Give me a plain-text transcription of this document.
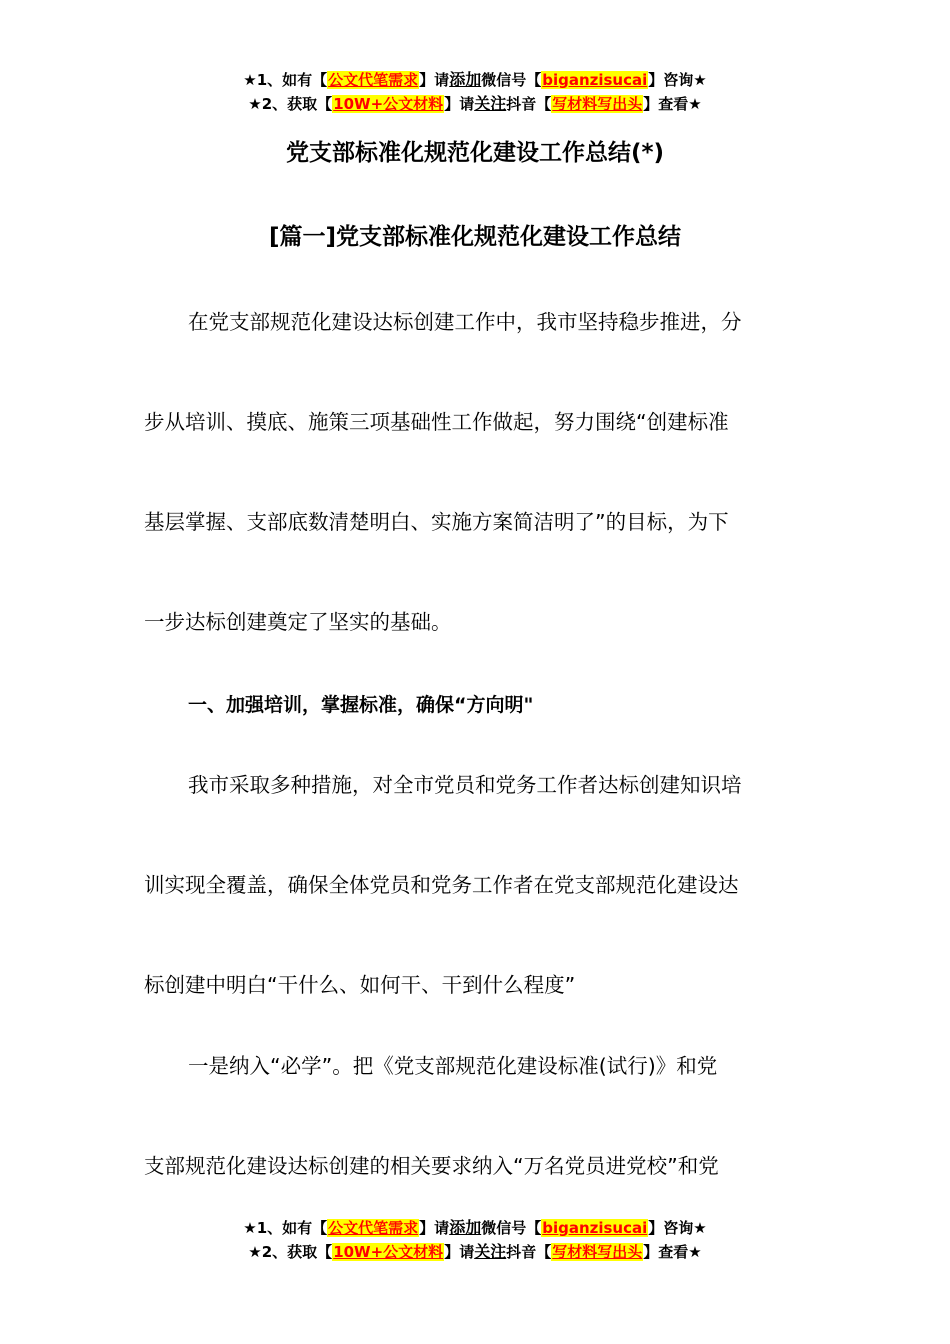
★1、如有【公文代笔需求】请添加微信号【biganzisucai】咨询★
★2、获取【10W+公文材料】请关注抖音【写材料写出头】查看★
党支部标准化规范化建设工作总结(*)
[篇一]党支部标准化规范化建设工作总结
在党支部规范化建设达标创建工作中，我市坚持稳步推进，分
步从培训、摸底、施策三项基础性工作做起，努力围绕“创建标准
基层掌握、支部底数清楚明白、实施方案简洁明了”的目标，为下
一步达标创建奠定了坚实的基础。
一、加强培训，掌握标准，确保“方向明"
我市采取多种措施，对全市党员和党务工作者达标创建知识培
训实现全覆盖，确保全体党员和党务工作者在党支部规范化建设达
标创建中明白“干什么、如何干、干到什么程度”
一是纳入“必学”。把《党支部规范化建设标准(试行)》和党
支部规范化建设达标创建的相关要求纳入“万名党员进党校”和党
★1、如有【公文代笔需求】请添加微信号【biganzisucai】咨询★
★2、获取【10W+公文材料】请关注抖音【写材料写出头】查看★
